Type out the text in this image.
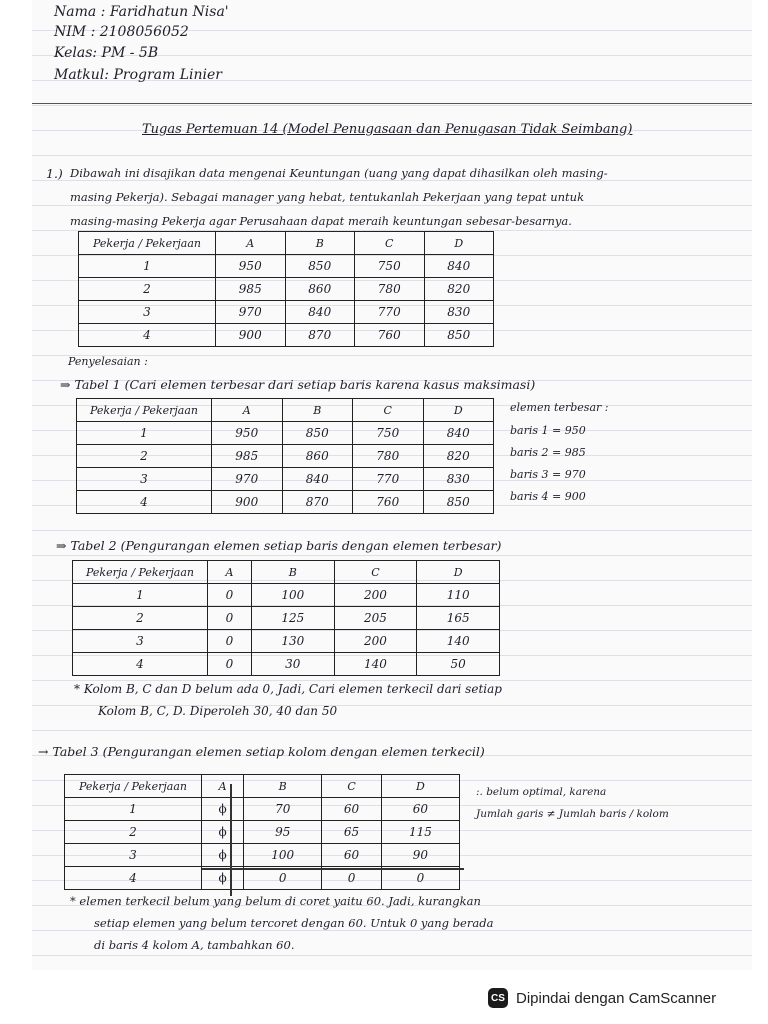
Nama : Faridhatun Nisa'
NIM : 2108056052
Kelas: PM - 5B
Matkul: Program Linier
Tugas Pertemuan 14 (Model Penugasaan dan Penugasan Tidak Seimbang)
1.) Dibawah ini disajikan data mengenai Keuntungan (uang yang dapat dihasilkan oleh masing-
masing Pekerja). Sebagai manager yang hebat, tentukanlah Pekerjaan yang tepat untuk
masing-masing Pekerja agar Perusahaan dapat meraih keuntungan sebesar-besarnya.
Pekerja / Pekerjaan	A	B	C	D
1	950	850	750	840
2	985	860	780	820
3	970	840	770	830
4	900	870	760	850
Penyelesaian :
⇒ Tabel 1 (Cari elemen terbesar dari setiap baris karena kasus maksimasi)
Pekerja / Pekerjaan	A	B	C	D
1	950	850	750	840
2	985	860	780	820
3	970	840	770	830
4	900	870	760	850
elemen terbesar :
baris 1 = 950
baris 2 = 985
baris 3 = 970
baris 4 = 900
⇒ Tabel 2 (Pengurangan elemen setiap baris dengan elemen terbesar)
Pekerja / Pekerjaan	A	B	C	D
1	0	100	200	110
2	0	125	205	165
3	0	130	200	140
4	0	30	140	50
* Kolom B, C dan D belum ada 0, Jadi, Cari elemen terkecil dari setiap
Kolom B, C, D. Diperoleh 30, 40 dan 50
→ Tabel 3 (Pengurangan elemen setiap kolom dengan elemen terkecil)
Pekerja / Pekerjaan	A	B	C	D
1	ϕ	70	60	60
2	ϕ	95	65	115
3	ϕ	100	60	90
4	ϕ	0	0	0
:. belum optimal, karena
Jumlah garis ≠ Jumlah baris / kolom
* elemen terkecil belum yang belum di coret yaitu 60. Jadi, kurangkan
setiap elemen yang belum tercoret dengan 60. Untuk 0 yang berada
di baris 4 kolom A, tambahkan 60.
CS Dipindai dengan CamScanner
